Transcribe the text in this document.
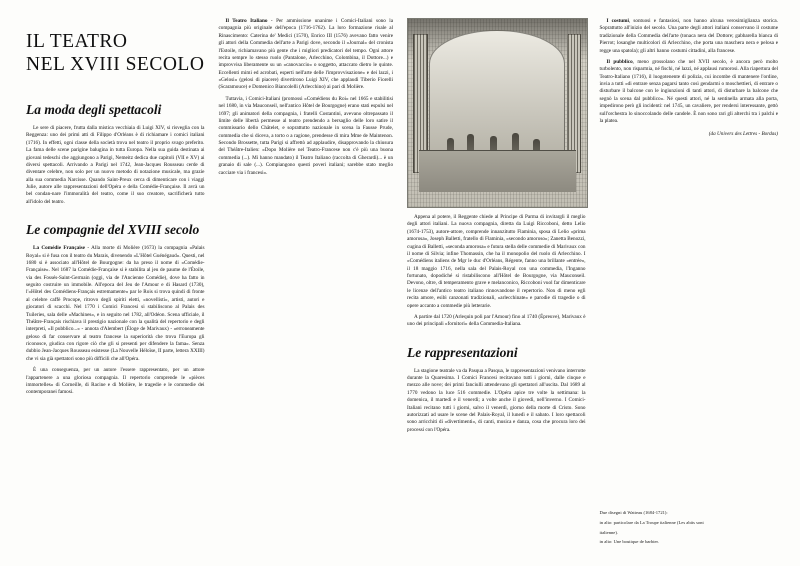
IL TEATRO
NEL XVIII SECOLO
La moda degli spettacoli

Le sere di piacere, frutta dalla mistica vecchiaia di Luigi XIV, si risveglia con la Reggenza: uno dei primi atti di Filippo d'Orléans è di richiamare i comici italiani (1716). In effetti, ogni classe della società trova nel teatro il proprio svago preferito. La fama delle scene parigine balugina in tutta Europa. Nella sua guida destinata ai giovani tedeschi che aggiungono a Parigi, Nemeitz dedica due capitoli (VII e XV) ai diversi spettacoli. Arrivando a Parigi nel 1742, Jean-Jacques Rousseau cerde di diventare celebre, non solo per un nuovo metodo di notazione musicale, ma grazie alla sua commedia Narcisse. Quando Saint-Preux cerca di dimenticare con i viaggi Julie, autore alle rappresentazioni dell'Opéra e della Comédie-Française. Il avrà un bel condan-nare l'immoralità del teatro, come il suo creatore, sacrificherà tutto all'idolo del teatro.

Le compagnie del XVIII secolo

La Comédie Française - Alla morte di Molière (1673) la compagnia «Palais Royal» si è fusa con il teatro du Marais, divenendo «L'Hôtel Guénégaud». Questi, nel 1680 si è associato all'Hôtel de Bourgogne: da ha preso il nome di «Comédie-Française». Nel 1687 la Comédie-Française si è stabilita al jeu de paume de l'Étoile, via des Fossés-Saint-Germain (oggi, via de l'Ancienne Comédie), dove ha fatto in seguito costruire un immobile. All'epoca del Jeu de l'Amour e di Hasard (1730), l'«Hôtel des Comédiens-Français estremamente» par le Rois si trova quindi di fronte al celebre caffè Procope, ritrovo degli spiriti eletti, «novellisti», artisti, autori e giocatori di scacchi. Nel 1770 i Comici Francesi si stabiliscono al Palais des Tuileries, sala delle «Machines», e in seguito nel 1782, all'Odéon. Scena ufficiale, il Théâtre-Français rischiava il prestigio nazionale con la qualità del repertorio e degli interpreti, «Il pubblico...» - annota d'Alembert (Éloge de Marivaux) - «erroneamente geloso di far conservare al teatro francese la superiorità che trova l'Europa gli riconosce, giudica con rigore ciò che gli si presenti per difendere la fama». Senza dubbio Jean-Jacques Rousseau esistesse (La Nouvelle Héloïse, II parte, lettera XXIII) che vi sia già spettatori sono più difficili che all'Opéra.

È una conseguenza, per un autore l'essere rappresentato, per un attore l'appartenere a una gloriosa compagnia. Il repertorio comprende le «pièces immortelles» di Corneille, di Racine e di Molière, le tragedie e le commedie dei contemporanei famosi.

Il Teatro Italiano - Per ammissione unanime i Comici-Italiani sono la compagnia più originale dell'epoca (1716-1762). La loro formazione risale al Rinascimento: Caterina de' Medici (1570), Enrico III (1576) avevano fatto venire gli attori della Commedia dell'arte a Parigi dove, secondo il «Journal» del cronista l'Estoile, richiamavano più gente che i migliori predicatori del tempo. Ogni attore recita sempre lo stesso ruolo (Pantalone, Arlecchino, Colombina, il Dottore...) e improvvisa liberamente su un «canovaccio» o soggetto, attaccato dietro le quinte. Eccellenti mimi ed acrobati, esperti nell'arte delle l'improvvisazione» e dei lazzi, i «Gelosi» (gelosi di piacere) divertirono Luigi XIV, che applaudì Tiberio Fiorelli (Scaramouce) e Domenico Biancolelli (Arlecchino) ai pari di Molière.

Tuttavia, i Comici-Italiani (promossi «Comédiens du Roi» nel 1665 e stabilitisi nel 1680, in via Mauconseil, nell'antico Hôtel de Bourgogne) erano stati espulsi nel 1697; gli animatori della compagnia, i fratelli Costantini, avevano oltrepassato il limite delle libertà permesse al teatro prendendo a bersaglio delle loro satire il commissario dello Châtelet, e soprattutto nazionale in scena la Fausse Prude, commedia che si diceva, a torto o a ragione, prendesse di mira Mme de Maintenon. Secondo Brossette, tutta Parigi si affrettò ad applaudire, disapprovando la chiusura del Théâtre-Italien: «Dopo Molière nel Teatro-Francese non c'è più una buona commedia (...). Mi hanno mandato) il Teatro Italiano (raccolta di Gherardi)... è un granaio di sale (...). Compiangono questi poveri italiani; sarebbe stato meglio cacciare via i francesi».

Appena al potere, il Reggente chiede al Principe di Parma di invitargli il meglio degli attori italiani. La nuova compagnia, diretta da Luigi Riccoboni, detto Lelio (1674-1753), autore-attore, comprende innanzitutto Flaminia, sposa di Lelio «prima amorosa», Joseph Balletti, fratello di Flaminia, «secondo amoroso»; Zanetta Benozzi, cugina di Balletti, «seconda amorosa» e futura stella delle commedie di Marivaux con il nome di Silvia; infine Thomassin, che ha il monopolio del ruolo di Arlecchino. I «Comédiens italiens de Mgr le duc d'Orléans, Régente, fanno una brillante «entrée», il 18 maggio 1716, nella sala del Palais-Royal con una commedia, l'Inganno fortunato, dopodiché si ristabiliscono all'Hôtel de Bourgogne, via Mauconseil. Devono, oltre, di temperamento grave e melanconico, Riccoboni vuol far dimenticare le licenze dell'antico teatro italiano rinnovandone il repertorio. Non di meno egli recita amore, esibì canzonati tradizionali, «arlecchinate» e parodie di tragedie o di opere accanto a commedie più letterarie.

A partire dal 1720 (Arlequin poli par l'Amour) fino al 1740 (Épreuve), Marivaux è uno dei principali «fornitori» della Commedia-Italiana.

Le rappresentazioni

La stagione teatrale va da Pasqua a Pasqua, le rappresentazioni venivano interrotte durante la Quaresima. I Comici Francesi recitavano tutti i giorni, dalle cinque e mezzo alle nove; dei primi fanciulli attendevano gli spettatori all'uscita. Dal 1689 al 1770 vedono la luce 516 commedie. L'Opéra apice tre volte la settimana: la domenica, il martedì e il venerdì; a volte anche il giovedì, nell'inverno. I Comici-Italiani recitano tutti i giorni, salvo il venerdì, giorno della morte di Cristo. Sono autorizzati ad usare le scene del Palais-Royal, il lunedì e il sabato. I loro spettacoli sono arricchiti di «divertimenti», di canti, musica e danza, cosa che procura loro dei processi con l'Opéra.

I costumi, sontuosi e fantasiosi, non hanno alcuna verosimiglianza storica. Soprattutto all'inizio del secolo. Una parte degli attori italiani conservano il costume tradizionale della Commedia dell'arte (tonaca nera del Dottore; gabbarella bianca di Pierrot; losanghe multicolori di Arlecchino, che porta una maschera nera e pelosa e regge una spatola); gli altri hanno costumi cittadini, alla francese.

Il pubblico, meno grossolano che nel XVII secolo, è ancora però molto turbolento, non risparmia, né fischi, né lazzi, né applausi rumorosi. Alla riapertura del Teatro-Italiano (1716), il luogotenente di polizia, cui incombe di mantenere l'ordine, invia a tutti «di entrare senza pagarsi tanto così gendarmi o moschettieri, di entrare o disturbare il balcone con le ingiunzioni di tanti attori, di disturbare la balcone che segnò la scena dal pubblico». Né questi attori, né la sentinella armata alla porta, impedirono però gli incidenti: nel 1745, un cavaliere, per rendersi interessante, gettò sull'orchestra lo sinoccolando delle candele. È non sono rari gli alterchi tra i palchi e la platea.

(da Univers des Lettres - Bordas)
Due disegni di Watteau (1684-1721):
in alto: particolare da La Troupe italienne (Les abits sont
italienne).
in alto: Une boutique de barbier.
